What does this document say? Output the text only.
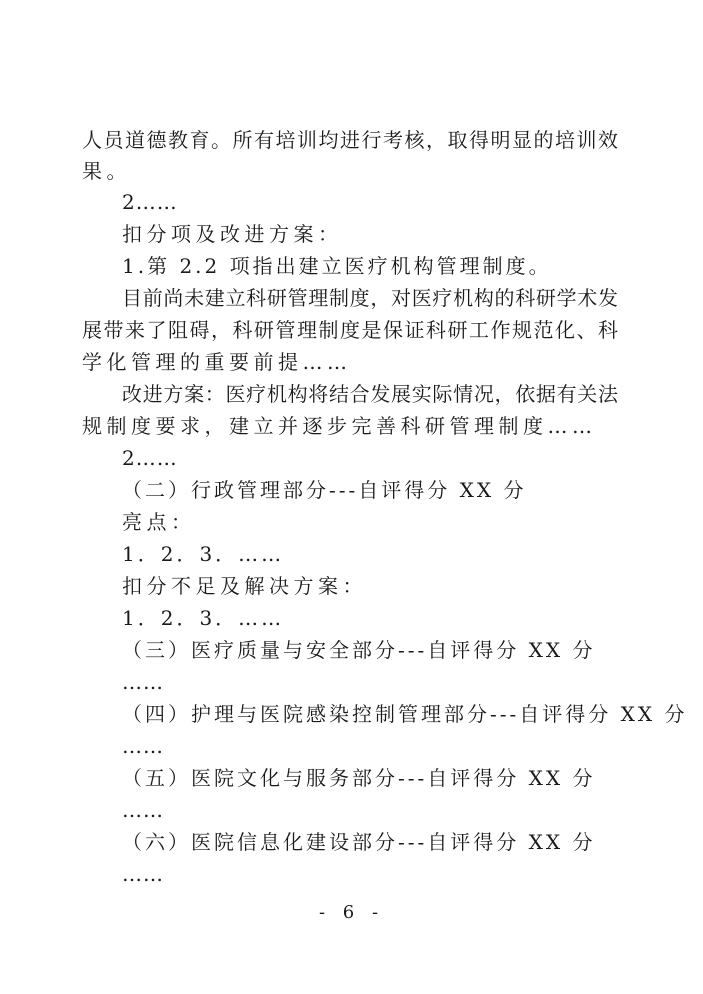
人员道德教育。所有培训均进行考核，取得明显的培训效
果。
2……
扣分项及改进方案：
1.第 2.2 项指出建立医疗机构管理制度。
目前尚未建立科研管理制度，对医疗机构的科研学术发
展带来了阻碍，科研管理制度是保证科研工作规范化、科
学化管理的重要前提……
改进方案：医疗机构将结合发展实际情况，依据有关法
规制度要求，建立并逐步完善科研管理制度……
2……
（二）行政管理部分---自评得分 XX 分
亮点：
1．2．3．……
扣分不足及解决方案：
1．2．3．……
（三）医疗质量与安全部分---自评得分 XX 分
……
（四）护理与医院感染控制管理部分---自评得分 XX 分
……
（五）医院文化与服务部分---自评得分 XX 分
……
（六）医院信息化建设部分---自评得分 XX 分
……
- 6 -
